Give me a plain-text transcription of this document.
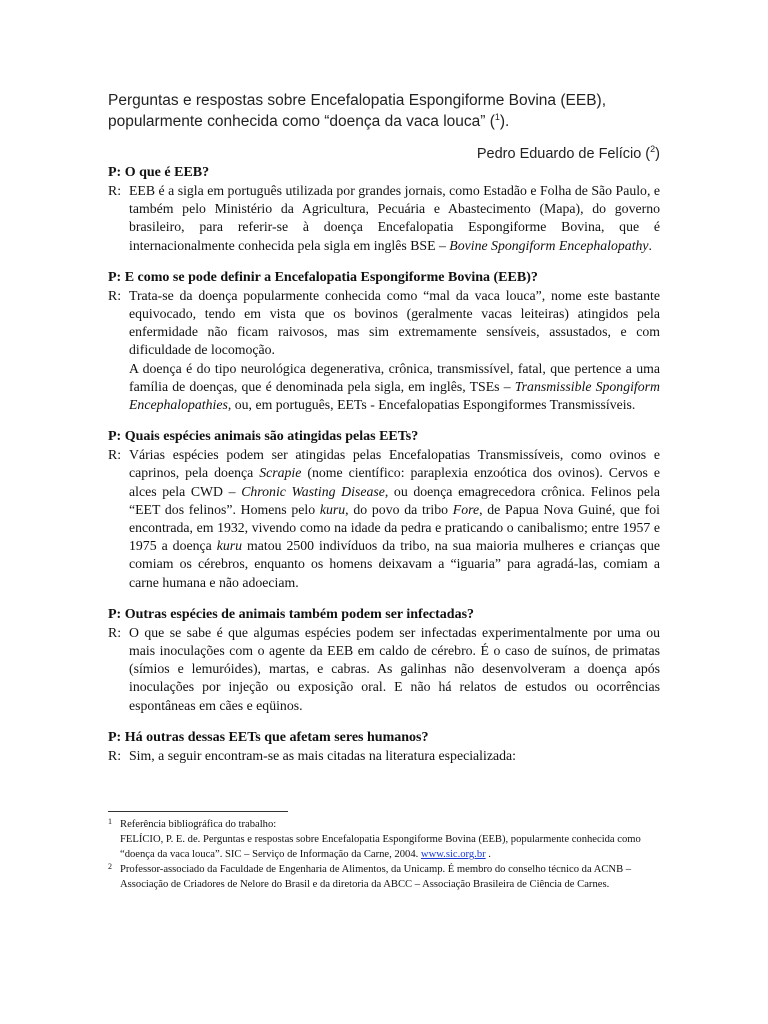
Perguntas e respostas sobre Encefalopatia Espongiforme Bovina (EEB),
popularmente conhecida como “doença da vaca louca” ($^1$).
Pedro Eduardo de Felício ($^2$)
P: O que é EEB?
R: EEB é a sigla em português utilizada por grandes jornais, como Estadão e Folha de São Paulo, e também pelo Ministério da Agricultura, Pecuária e Abastecimento (Mapa), do governo brasileiro, para referir-se à doença Encefalopatia Espongiforme Bovina, que é internacionalmente conhecida pela sigla em inglês BSE – Bovine Spongiform Encephalopathy.

P: E como se pode definir a Encefalopatia Espongiforme Bovina (EEB)?
R: Trata-se da doença popularmente conhecida como “mal da vaca louca”, nome este bastante equivocado, tendo em vista que os bovinos (geralmente vacas leiteiras) atingidos pela enfermidade não ficam raivosos, mas sim extremamente sensíveis, assustados, e com dificuldade de locomoção.

A doença é do tipo neurológica degenerativa, crônica, transmissível, fatal, que pertence a uma família de doenças, que é denominada pela sigla, em inglês, TSEs – Transmissible Spongiform Encephalopathies, ou, em português, EETs - Encefalopatias Espongiformes Transmissíveis.

P: Quais espécies animais são atingidas pelas EETs?
R: Várias espécies podem ser atingidas pelas Encefalopatias Transmissíveis, como ovinos e caprinos, pela doença Scrapie (nome científico: paraplexia enzoótica dos ovinos). Cervos e alces pela CWD – Chronic Wasting Disease, ou doença emagrecedora crônica. Felinos pela “EET dos felinos”. Homens pelo kuru, do povo da tribo Fore, de Papua Nova Guiné, que foi encontrada, em 1932, vivendo como na idade da pedra e praticando o canibalismo; entre 1957 e 1975 a doença kuru matou 2500 indivíduos da tribo, na sua maioria mulheres e crianças que comiam os cérebros, enquanto os homens deixavam a “iguaria” para agradá-las, comiam a carne humana e não adoeciam.

P: Outras espécies de animais também podem ser infectadas?
R: O que se sabe é que algumas espécies podem ser infectadas experimentalmente por uma ou mais inoculações com o agente da EEB em caldo de cérebro. É o caso de suínos, de primatas (símios e lemuróides), martas, e cabras. As galinhas não desenvolveram a doença após inoculações por injeção ou exposição oral. E não há relatos de estudos ou ocorrências espontâneas em cães e eqüinos.

P: Há outras dessas EETs que afetam seres humanos?
R: Sim, a seguir encontram-se as mais citadas na literatura especializada:

1 Referência bibliográfica do trabalho:
FELÍCIO, P. E. de. Perguntas e respostas sobre Encefalopatia Espongiforme Bovina (EEB), popularmente conhecida como “doença da vaca louca”. SIC – Serviço de Informação da Carne, 2004. www.sic.org.br .
2 Professor-associado da Faculdade de Engenharia de Alimentos, da Unicamp. É membro do conselho técnico da ACNB – Associação de Criadores de Nelore do Brasil e da diretoria da ABCC – Associação Brasileira de Ciência de Carnes.
